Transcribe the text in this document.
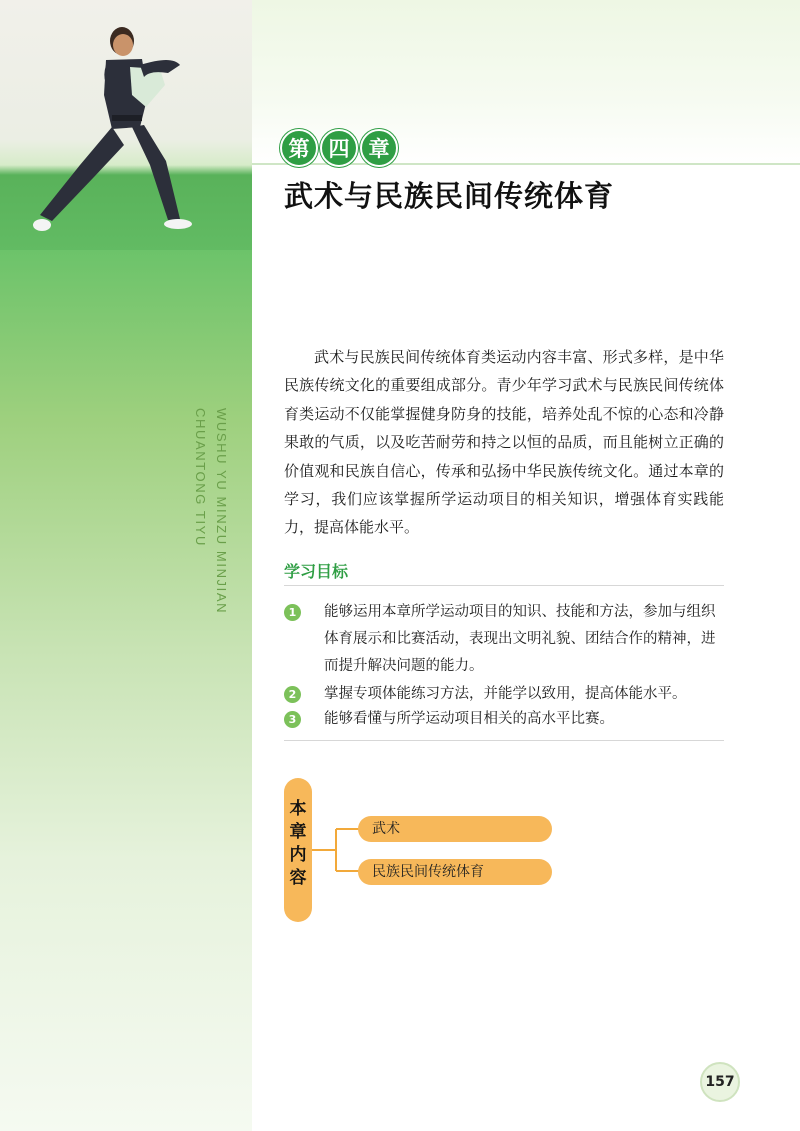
第 四 章
武术与民族民间传统体育
WUSHU YU MINZU MINJIAN
CHUANTONG TIYU

武术与民族民间传统体育类运动内容丰富、形式多样，是中华民族传统文化的重要组成部分。青少年学习武术与民族民间传统体育类运动不仅能掌握健身防身的技能，培养处乱不惊的心态和冷静果敢的气质，以及吃苦耐劳和持之以恒的品质，而且能树立正确的价值观和民族自信心，传承和弘扬中华民族传统文化。通过本章的学习，我们应该掌握所学运动项目的相关知识，增强体育实践能力，提高体能水平。

学习目标
1	能够运用本章所学运动项目的知识、技能和方法，参加与组织体育展示和比赛活动，表现出文明礼貌、团结合作的精神，进而提升解决问题的能力。
2	掌握专项体能练习方法，并能学以致用，提高体能水平。
3	能够看懂与所学运动项目相关的高水平比赛。
本
章
内
容
武术
民族民间传统体育
157
